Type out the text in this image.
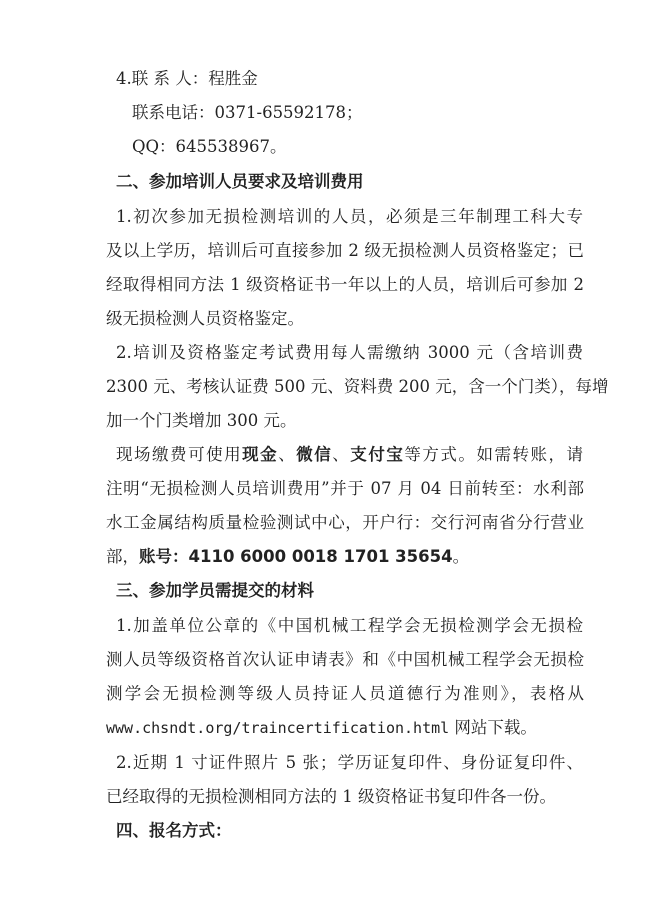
4.联 系 人：程胜金
联系电话：0371-65592178；
QQ：645538967。
二、参加培训人员要求及培训费用
1.初次参加无损检测培训的人员，必须是三年制理工科大专
及以上学历，培训后可直接参加 2 级无损检测人员资格鉴定；已
经取得相同方法 1 级资格证书一年以上的人员，培训后可参加 2
级无损检测人员资格鉴定。
2.培训及资格鉴定考试费用每人需缴纳 3000 元（含培训费
2300 元、考核认证费 500 元、资料费 200 元，含一个门类），每增
加一个门类增加 300 元。
现场缴费可使用现金、微信、支付宝等方式。如需转账，请
注明“无损检测人员培训费用”并于 07 月 04 日前转至：水利部
水工金属结构质量检验测试中心，开户行：交行河南省分行营业
部，账号：4110 6000 0018 1701 35654。
三、参加学员需提交的材料
1.加盖单位公章的《中国机械工程学会无损检测学会无损检
测人员等级资格首次认证申请表》和《中国机械工程学会无损检
测学会无损检测等级人员持证人员道德行为准则》，表格从
www.chsndt.org/traincertification.html 网站下载。
2.近期 1 寸证件照片 5 张；学历证复印件、身份证复印件、
已经取得的无损检测相同方法的 1 级资格证书复印件各一份。
四、报名方式：
